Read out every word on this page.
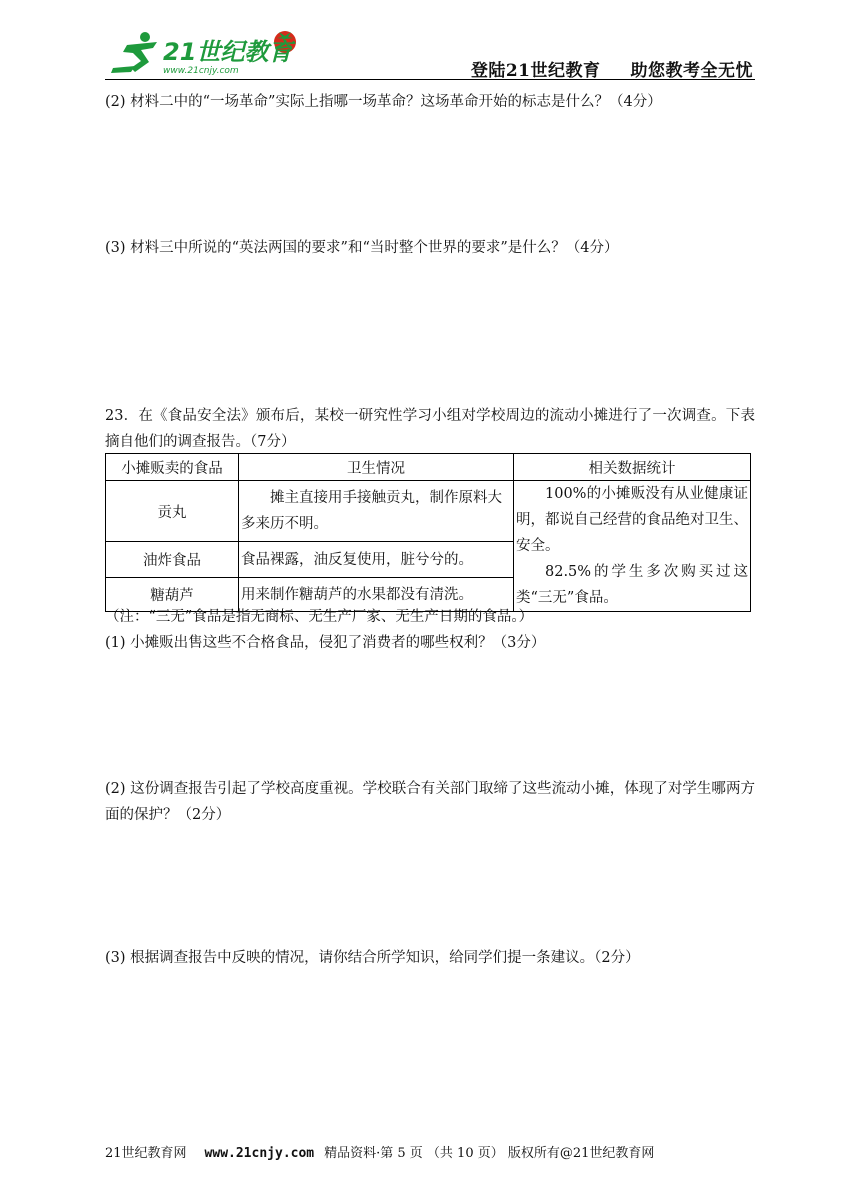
21世纪教育
www.21cnjy.com	登陆21世纪教育 助您教考全无忧
(2) 材料二中的“一场革命”实际上指哪一场革命？这场革命开始的标志是什么？（4分）
(3) 材料三中所说的“英法两国的要求”和“当时整个世界的要求”是什么？（4分）
23．在《食品安全法》颁布后，某校一研究性学习小组对学校周边的流动小摊进行了一次调查。下表摘自他们的调查报告。（7分）
小摊贩卖的食品	卫生情况	相关数据统计
贡丸	摊主直接用手接触贡丸，制作原料大多来历不明。	100%的小摊贩没有从业健康证明，都说自己经营的食品绝对卫生、安全。

82.5%的学生多次购买过这类“三无”食品。

油炸食品	食品裸露，油反复使用，脏兮兮的。	
糖葫芦	用来制作糖葫芦的水果都没有清洗。	
（注：“三无”食品是指无商标、无生产厂家、无生产日期的食品。）
(1) 小摊贩出售这些不合格食品，侵犯了消费者的哪些权利？（3分）
(2) 这份调查报告引起了学校高度重视。学校联合有关部门取缔了这些流动小摊，体现了对学生哪两方面的保护？（2分）
(3) 根据调查报告中反映的情况，请你结合所学知识，给同学们提一条建议。（2分）
21世纪教育网 www.21cnjy.com 精品资料·第 5 页 （共 10 页） 版权所有@21世纪教育网
